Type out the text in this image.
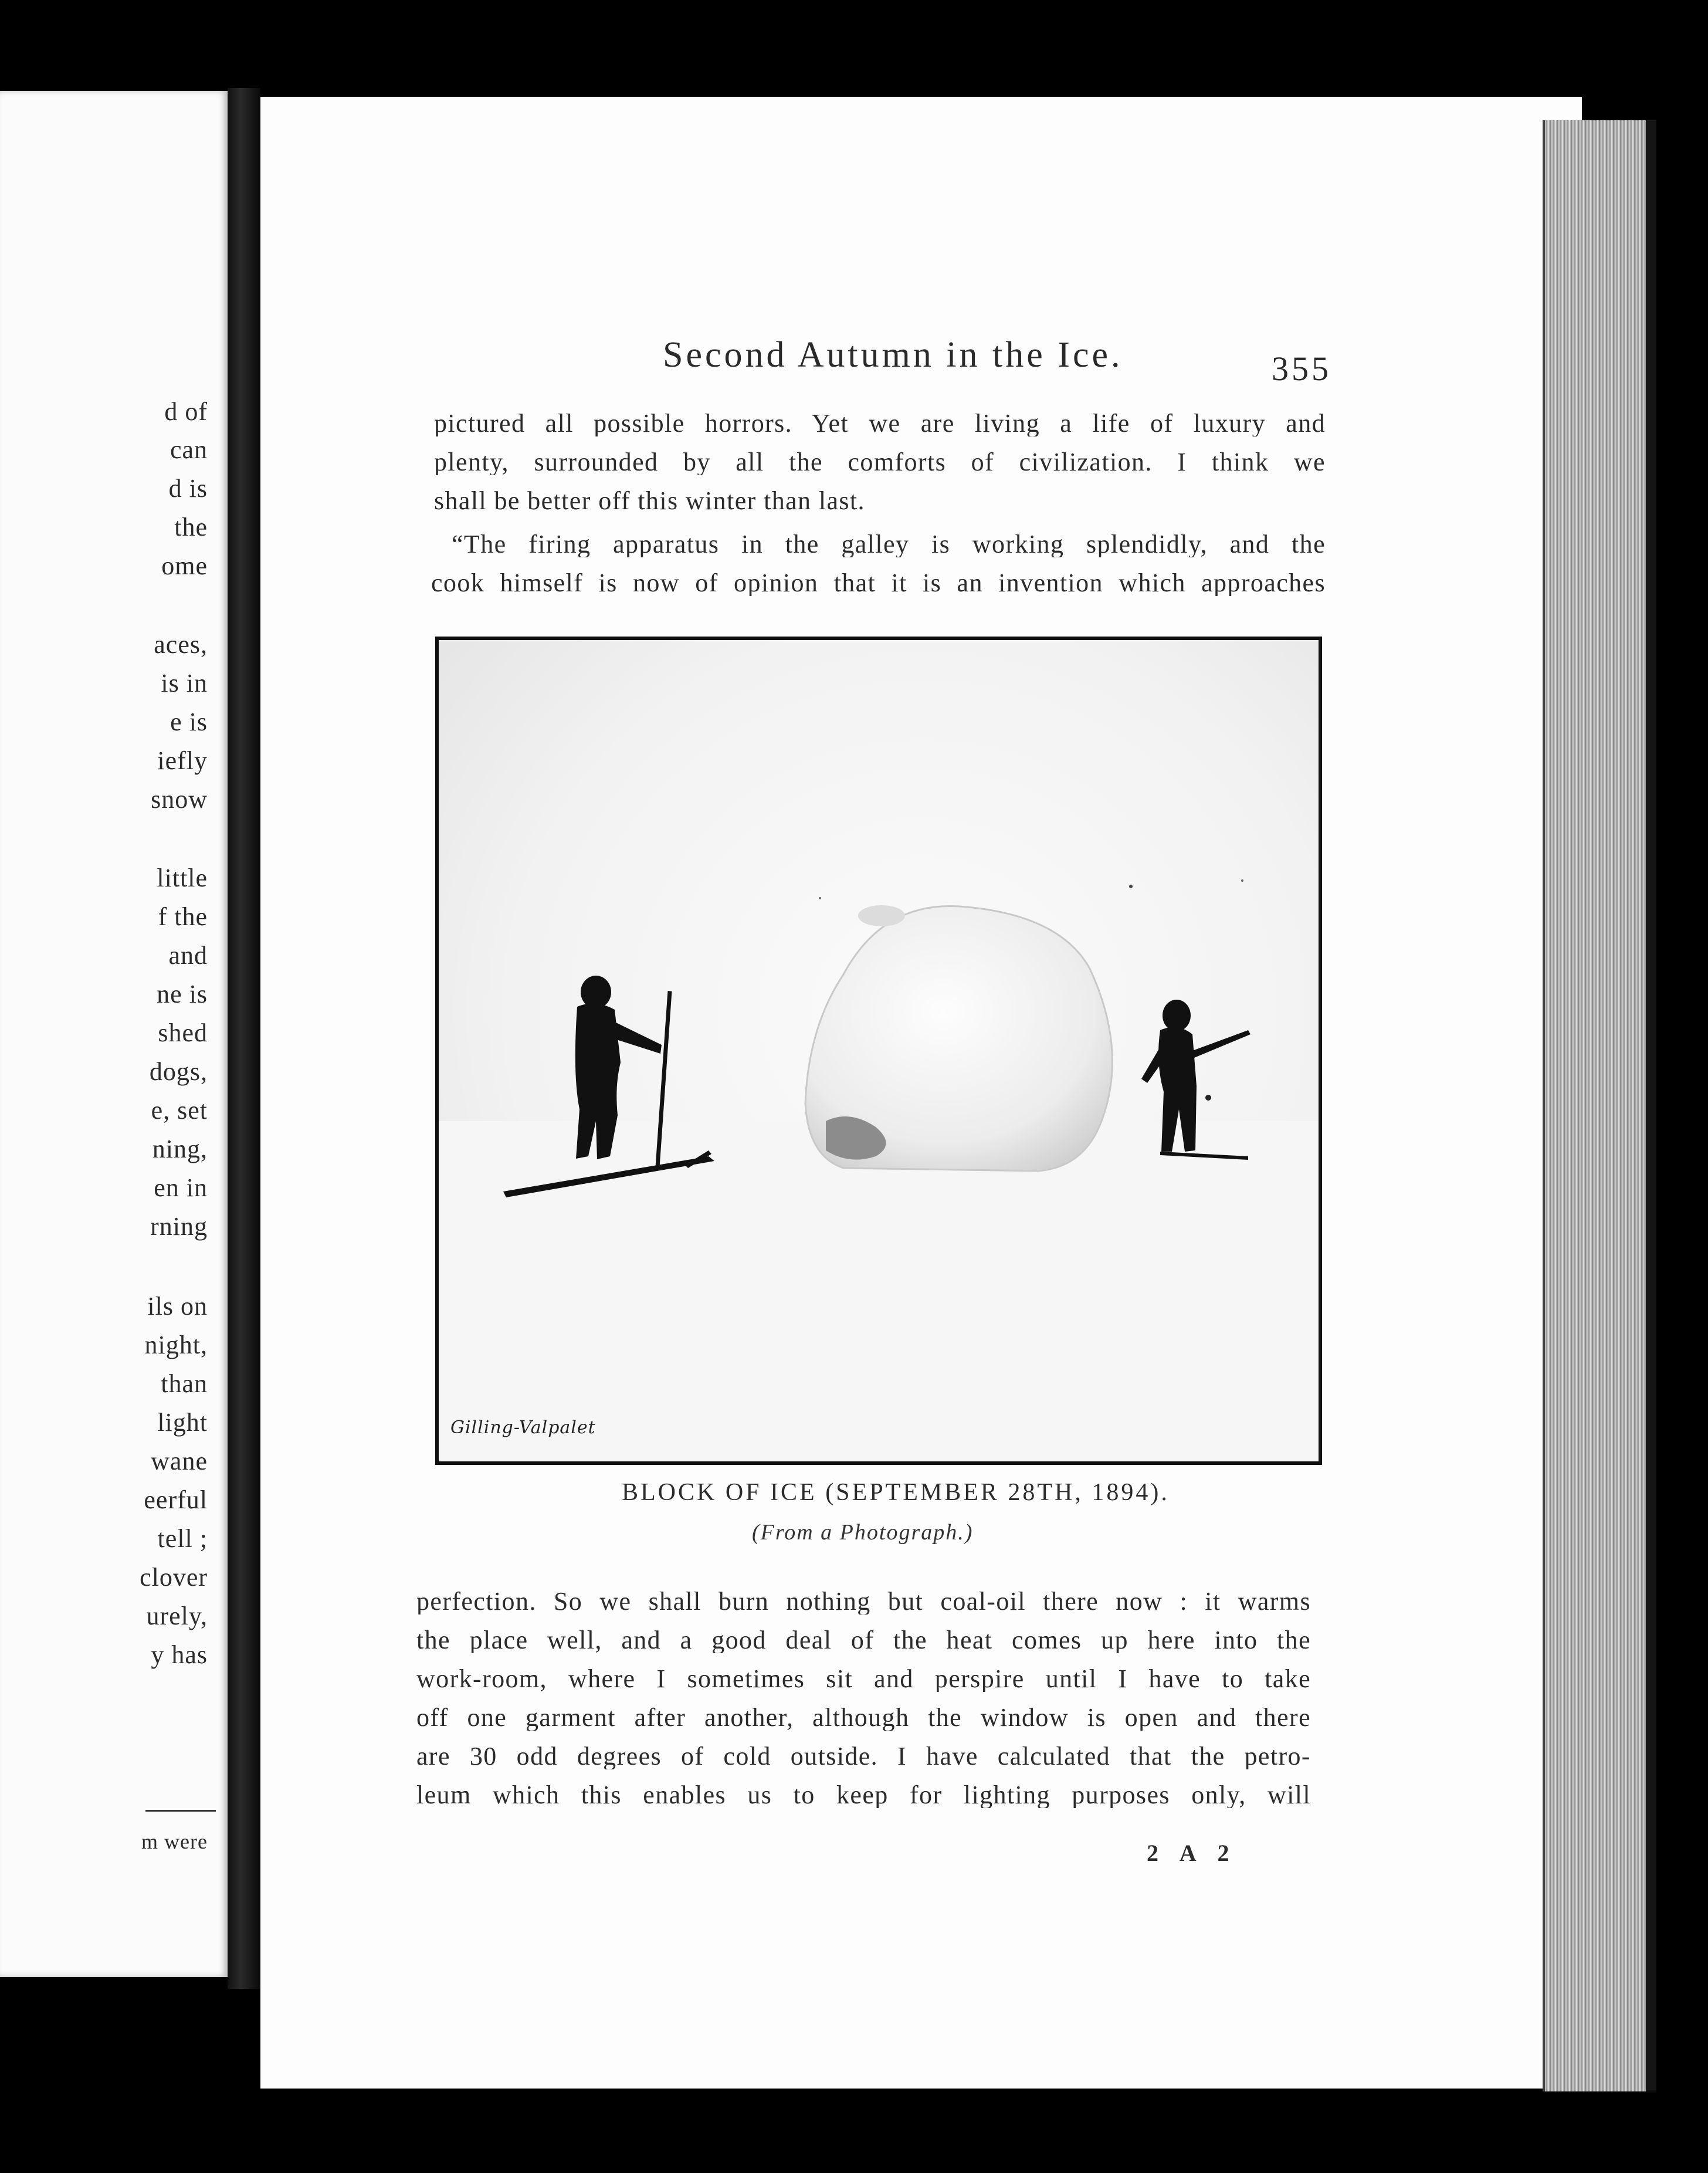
d of
can
d is
the
ome
aces,
is in
e is
iefly
snow
little
f the
and
ne is
shed
dogs,
e, set
ning,
en in
rning
ils on
night,
than
light
wane
eerful
tell ;
clover
urely,
y has
m were
Second Autumn in the Ice.	355
pictured all possible horrors. Yet we are living a life of luxury and
plenty, surrounded by all the comforts of civilization. I think we
shall be better off this winter than last.
“The firing apparatus in the galley is working splendidly, and the
cook himself is now of opinion that it is an invention which approaches
Gilling-Valpalet
BLOCK OF ICE (SEPTEMBER 28TH, 1894).
(From a Photograph.)
perfection. So we shall burn nothing but coal-oil there now : it warms
the place well, and a good deal of the heat comes up here into the
work-room, where I sometimes sit and perspire until I have to take
off one garment after another, although the window is open and there
are 30 odd degrees of cold outside. I have calculated that the petro-
leum which this enables us to keep for lighting purposes only, will
2 A 2
